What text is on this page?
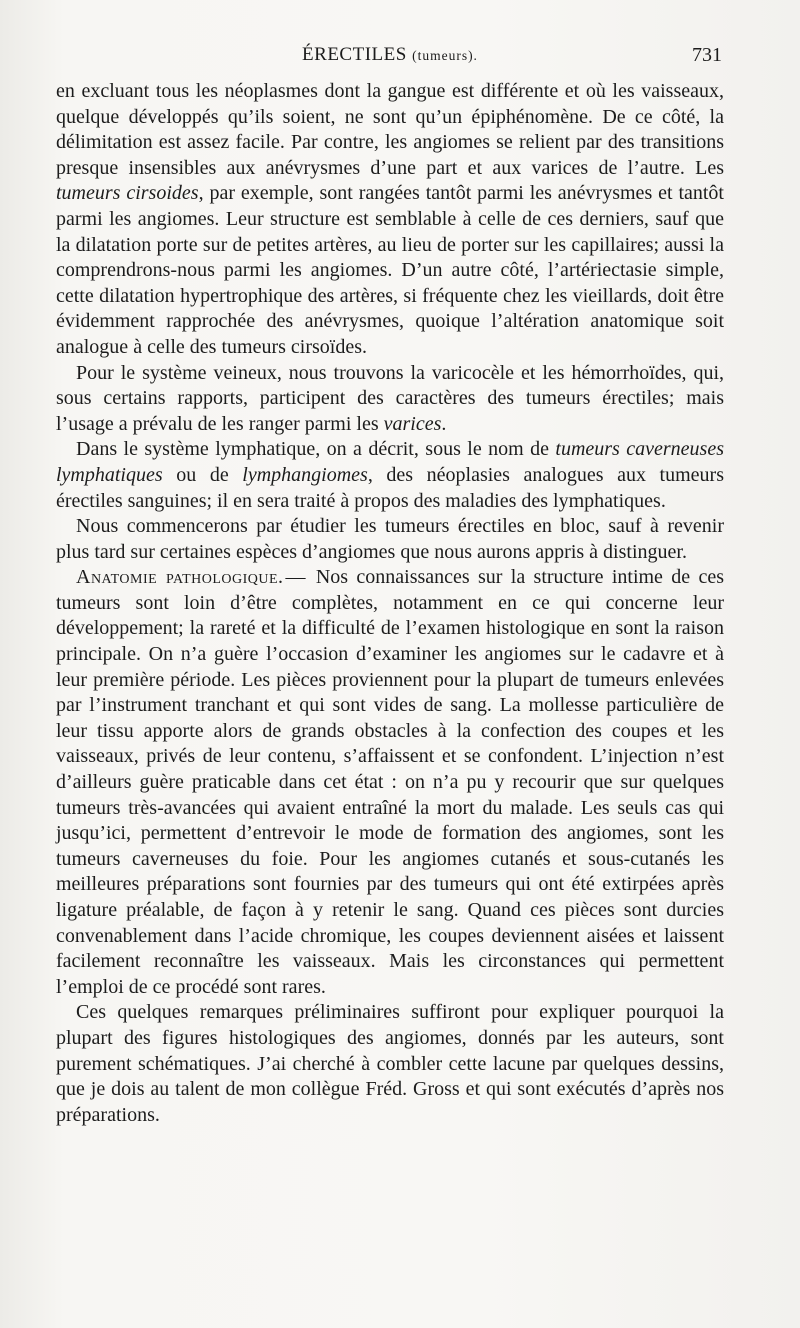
ÉRECTILES (tumeurs).	731

en excluant tous les néoplasmes dont la gangue est différente et où les vaisseaux, quelque développés qu’ils soient, ne sont qu’un épiphénomène. De ce côté, la délimitation est assez facile. Par contre, les angiomes se relient par des transitions presque insensibles aux anévrysmes d’une part et aux varices de l’autre. Les tumeurs cirsoides, par exemple, sont rangées tantôt parmi les anévrysmes et tantôt parmi les angiomes. Leur structure est semblable à celle de ces derniers, sauf que la dilatation porte sur de petites artères, au lieu de porter sur les capillaires; aussi la comprendrons-nous parmi les angiomes. D’un autre côté, l’artériectasie simple, cette dilatation hypertrophique des artères, si fréquente chez les vieillards, doit être évidemment rapprochée des anévrysmes, quoique l’altération anatomique soit analogue à celle des tumeurs cirsoïdes.

Pour le système veineux, nous trouvons la varicocèle et les hémorrhoïdes, qui, sous certains rapports, participent des caractères des tumeurs érectiles; mais l’usage a prévalu de les ranger parmi les varices.

Dans le système lymphatique, on a décrit, sous le nom de tumeurs caverneuses lymphatiques ou de lymphangiomes, des néoplasies analogues aux tumeurs érectiles sanguines; il en sera traité à propos des maladies des lymphatiques.

Nous commencerons par étudier les tumeurs érectiles en bloc, sauf à revenir plus tard sur certaines espèces d’angiomes que nous aurons appris à distinguer.

Anatomie pathologique. — Nos connaissances sur la structure intime de ces tumeurs sont loin d’être complètes, notamment en ce qui concerne leur développement; la rareté et la difficulté de l’examen histologique en sont la raison principale. On n’a guère l’occasion d’examiner les angiomes sur le cadavre et à leur première période. Les pièces proviennent pour la plupart de tumeurs enlevées par l’instrument tranchant et qui sont vides de sang. La mollesse particulière de leur tissu apporte alors de grands obstacles à la confection des coupes et les vaisseaux, privés de leur contenu, s’affaissent et se confondent. L’injection n’est d’ailleurs guère praticable dans cet état : on n’a pu y recourir que sur quelques tumeurs très-avancées qui avaient entraîné la mort du malade. Les seuls cas qui jusqu’ici, permettent d’entrevoir le mode de formation des angiomes, sont les tumeurs caverneuses du foie. Pour les angiomes cutanés et sous-cutanés les meilleures préparations sont fournies par des tumeurs qui ont été extirpées après ligature préalable, de façon à y retenir le sang. Quand ces pièces sont durcies convenablement dans l’acide chromique, les coupes deviennent aisées et laissent facilement reconnaître les vaisseaux. Mais les circonstances qui permettent l’emploi de ce procédé sont rares.

Ces quelques remarques préliminaires suffiront pour expliquer pourquoi la plupart des figures histologiques des angiomes, donnés par les auteurs, sont purement schématiques. J’ai cherché à combler cette lacune par quelques dessins, que je dois au talent de mon collègue Fréd. Gross et qui sont exécutés d’après nos préparations.
